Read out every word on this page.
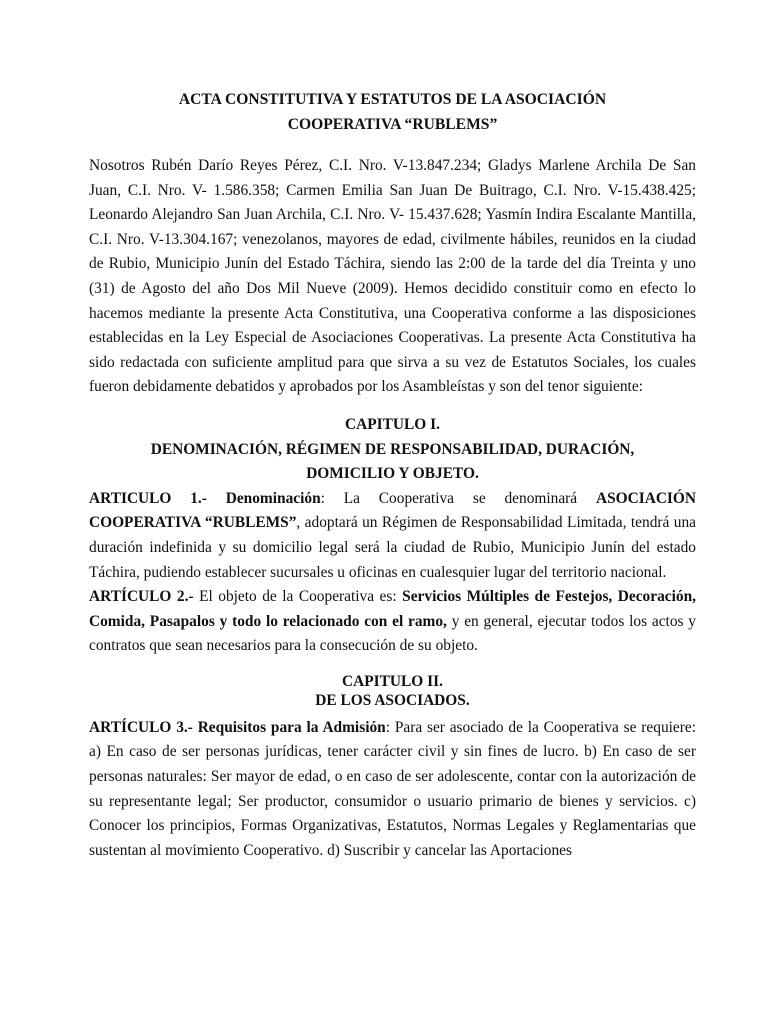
ACTA CONSTITUTIVA Y ESTATUTOS DE LA ASOCIACIÓN
COOPERATIVA “RUBLEMS”

Nosotros Rubén Darío Reyes Pérez, C.I. Nro. V-13.847.234; Gladys Marlene Archila De San Juan, C.I. Nro. V- 1.586.358; Carmen Emilia San Juan De Buitrago, C.I. Nro. V-15.438.425; Leonardo Alejandro San Juan Archila, C.I. Nro. V- 15.437.628; Yasmín Indira Escalante Mantilla, C.I. Nro. V-13.304.167; venezolanos, mayores de edad, civilmente hábiles, reunidos en la ciudad de Rubio, Municipio Junín del Estado Táchira, siendo las 2:00 de la tarde del día Treinta y uno (31) de Agosto del año Dos Mil Nueve (2009). Hemos decidido constituir como en efecto lo hacemos mediante la presente Acta Constitutiva, una Cooperativa conforme a las disposiciones establecidas en la Ley Especial de Asociaciones Cooperativas. La presente Acta Constitutiva ha sido redactada con suficiente amplitud para que sirva a su vez de Estatutos Sociales, los cuales fueron debidamente debatidos y aprobados por los Asambleístas y son del tenor siguiente:

CAPITULO I.
DENOMINACIÓN, RÉGIMEN DE RESPONSABILIDAD, DURACIÓN,
DOMICILIO Y OBJETO.

ARTICULO 1.- Denominación: La Cooperativa se denominará ASOCIACIÓN COOPERATIVA “RUBLEMS”, adoptará un Régimen de Responsabilidad Limitada, tendrá una duración indefinida y su domicilio legal será la ciudad de Rubio, Municipio Junín del estado Táchira, pudiendo establecer sucursales u oficinas en cualesquier lugar del territorio nacional.

ARTÍCULO 2.- El objeto de la Cooperativa es: Servicios Múltiples de Festejos, Decoración, Comida, Pasapalos y todo lo relacionado con el ramo, y en general, ejecutar todos los actos y contratos que sean necesarios para la consecución de su objeto.

CAPITULO II.
DE LOS ASOCIADOS.

ARTÍCULO 3.- Requisitos para la Admisión: Para ser asociado de la Cooperativa se requiere: a) En caso de ser personas jurídicas, tener carácter civil y sin fines de lucro. b) En caso de ser personas naturales: Ser mayor de edad, o en caso de ser adolescente, contar con la autorización de su representante legal; Ser productor, consumidor o usuario primario de bienes y servicios. c) Conocer los principios, Formas Organizativas, Estatutos, Normas Legales y Reglamentarias que sustentan al movimiento Cooperativo. d) Suscribir y cancelar las Aportaciones
